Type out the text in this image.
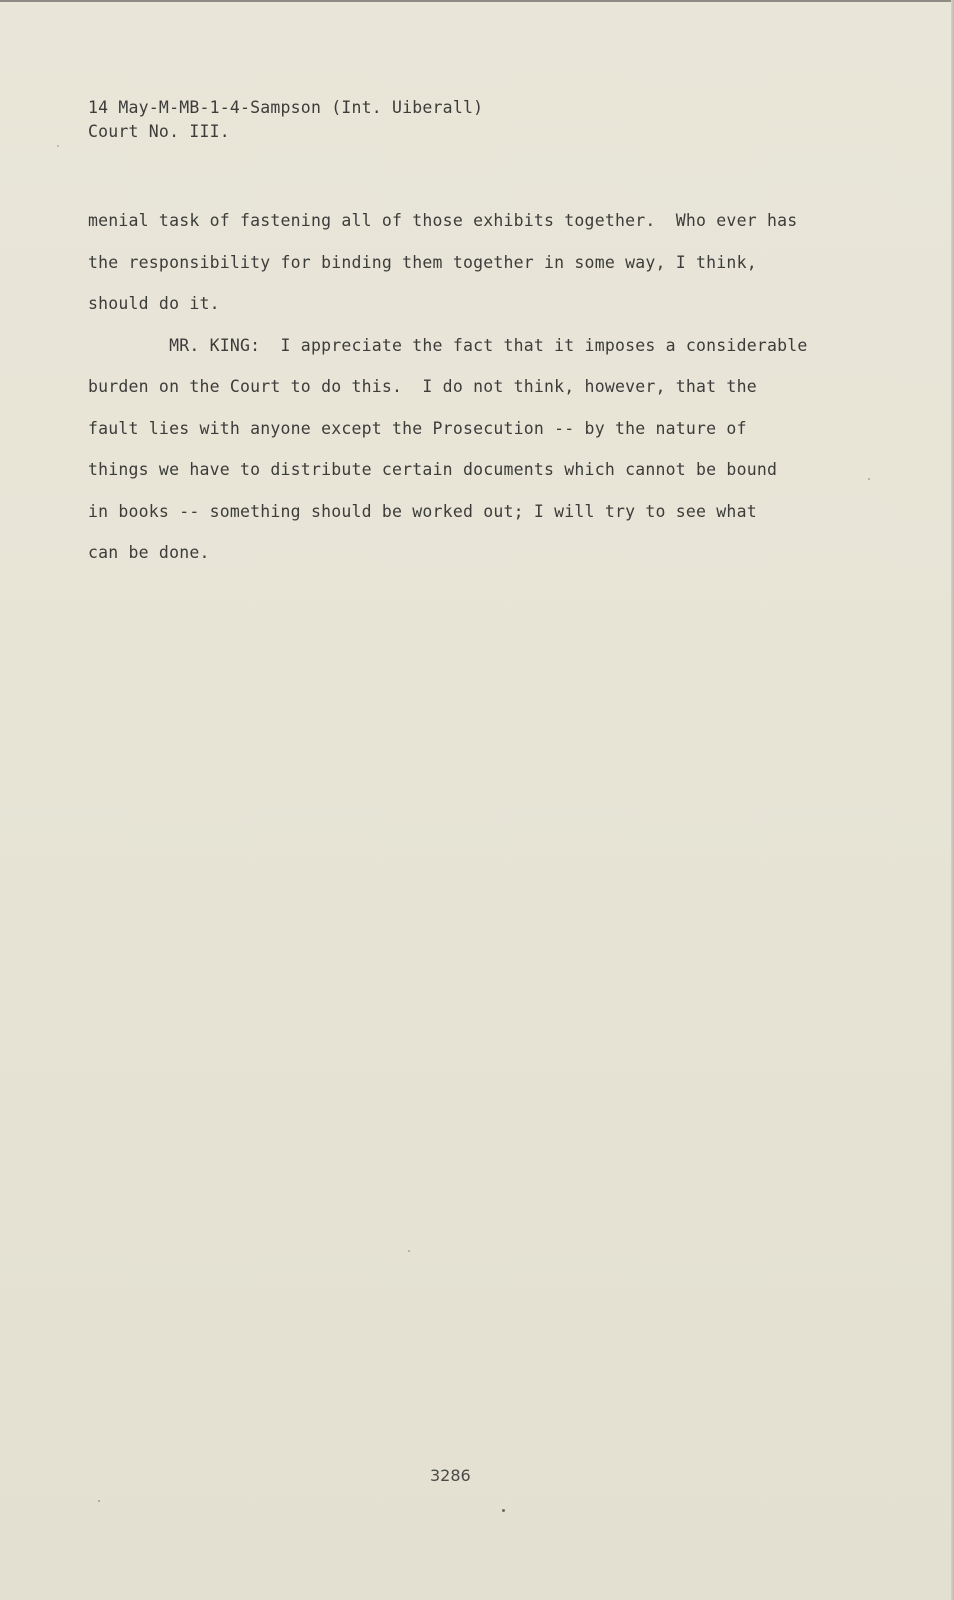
14 May-M-MB-1-4-Sampson (Int. Uiberall)
Court No. III.
menial task of fastening all of those exhibits together.  Who ever has
the responsibility for binding them together in some way, I think,
should do it.
MR. KING:  I appreciate the fact that it imposes a considerable
burden on the Court to do this.  I do not think, however, that the
fault lies with anyone except the Prosecution -- by the nature of
things we have to distribute certain documents which cannot be bound
in books -- something should be worked out; I will try to see what
can be done.
3286
